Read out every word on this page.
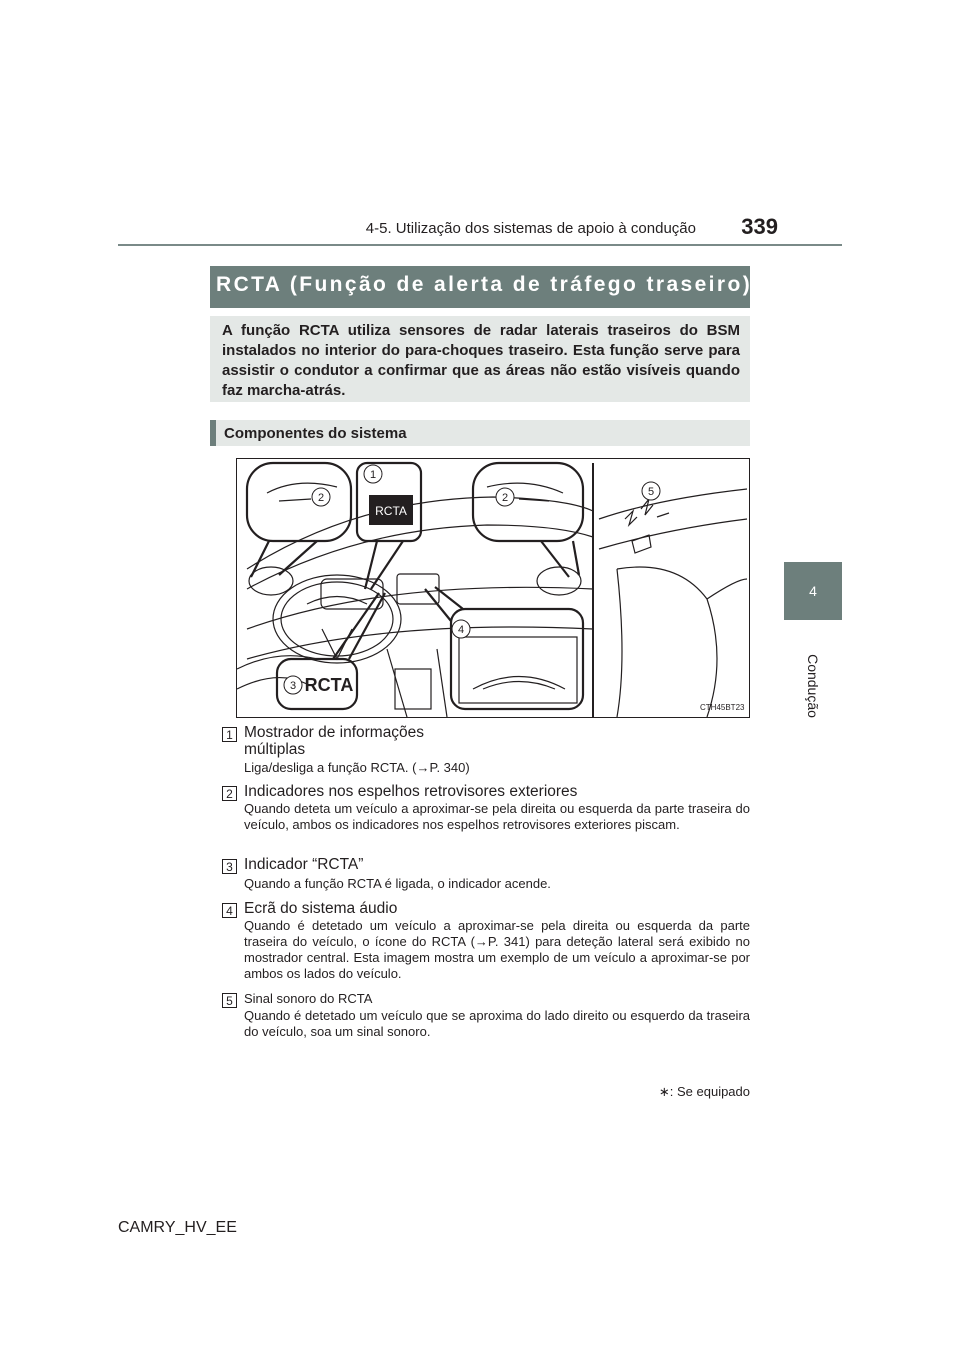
4-5. Utilização dos sistemas de apoio à condução	339
4
Condução
RCTA (Função de alerta de tráfego traseiro)∗
A função RCTA utiliza sensores de radar laterais traseiros do BSM instalados no interior do para-choques traseiro. Esta função serve para assistir o condutor a confirmar que as áreas não estão visíveis quando faz marcha-atrás.
Componentes do sistema
RCTA
RCTA
1
2	2
3
4
5
CTH45BT23
1 Mostrador de informações
múltiplas
Liga/desliga a função RCTA. (→P. 340)
2 Indicadores nos espelhos retrovisores exteriores
Quando deteta um veículo a aproximar-se pela direita ou esquerda da parte traseira do veículo, ambos os indicadores nos espelhos retrovisores exteriores piscam.
3 Indicador “RCTA”
Quando a função RCTA é ligada, o indicador acende.
4 Ecrã do sistema áudio
Quando é detetado um veículo a aproximar-se pela direita ou esquerda da parte traseira do veículo, o ícone do RCTA (→P. 341) para deteção lateral será exibido no mostrador central. Esta imagem mostra um exemplo de um veículo a aproximar-se por ambos os lados do veículo.
5 Sinal sonoro do RCTA
Quando é detetado um veículo que se aproxima do lado direito ou esquerdo da traseira do veículo, soa um sinal sonoro.
∗: Se equipado
CAMRY_HV_EE
